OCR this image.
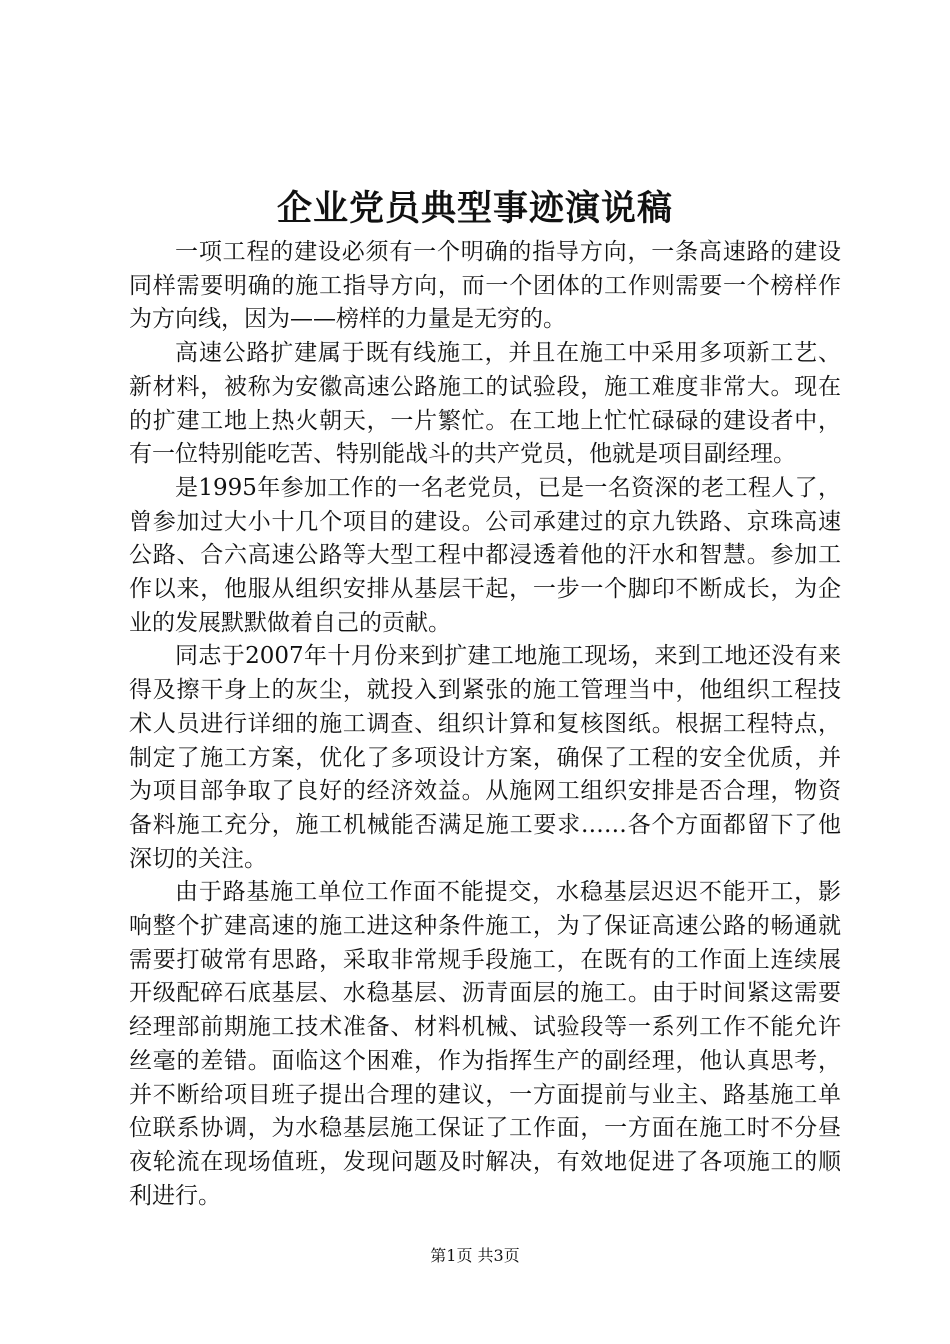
企业党员典型事迹演说稿

一项工程的建设必须有一个明确的指导方向，一条高速路的建设同样需要明确的施工指导方向，而一个团体的工作则需要一个榜样作为方向线，因为——榜样的力量是无穷的。

高速公路扩建属于既有线施工，并且在施工中采用多项新工艺、新材料，被称为安徽高速公路施工的试验段，施工难度非常大。现在的扩建工地上热火朝天，一片繁忙。在工地上忙忙碌碌的建设者中，有一位特别能吃苦、特别能战斗的共产党员，他就是项目副经理。

是1995年参加工作的一名老党员，已是一名资深的老工程人了，曾参加过大小十几个项目的建设。公司承建过的京九铁路、京珠高速公路、合六高速公路等大型工程中都浸透着他的汗水和智慧。参加工作以来，他服从组织安排从基层干起，一步一个脚印不断成长，为企业的发展默默做着自己的贡献。

同志于2007年十月份来到扩建工地施工现场，来到工地还没有来得及擦干身上的灰尘，就投入到紧张的施工管理当中，他组织工程技术人员进行详细的施工调查、组织计算和复核图纸。根据工程特点，制定了施工方案，优化了多项设计方案，确保了工程的安全优质，并为项目部争取了良好的经济效益。从施网工组织安排是否合理，物资备料施工充分，施工机械能否满足施工要求……各个方面都留下了他深切的关注。

由于路基施工单位工作面不能提交，水稳基层迟迟不能开工，影响整个扩建高速的施工进这种条件施工，为了保证高速公路的畅通就需要打破常有思路，采取非常规手段施工，在既有的工作面上连续展开级配碎石底基层、水稳基层、沥青面层的施工。由于时间紧这需要经理部前期施工技术准备、材料机械、试验段等一系列工作不能允许丝毫的差错。面临这个困难，作为指挥生产的副经理，他认真思考，并不断给项目班子提出合理的建议，一方面提前与业主、路基施工单位联系协调，为水稳基层施工保证了工作面，一方面在施工时不分昼夜轮流在现场值班，发现问题及时解决，有效地促进了各项施工的顺利进行。

第1页 共3页
